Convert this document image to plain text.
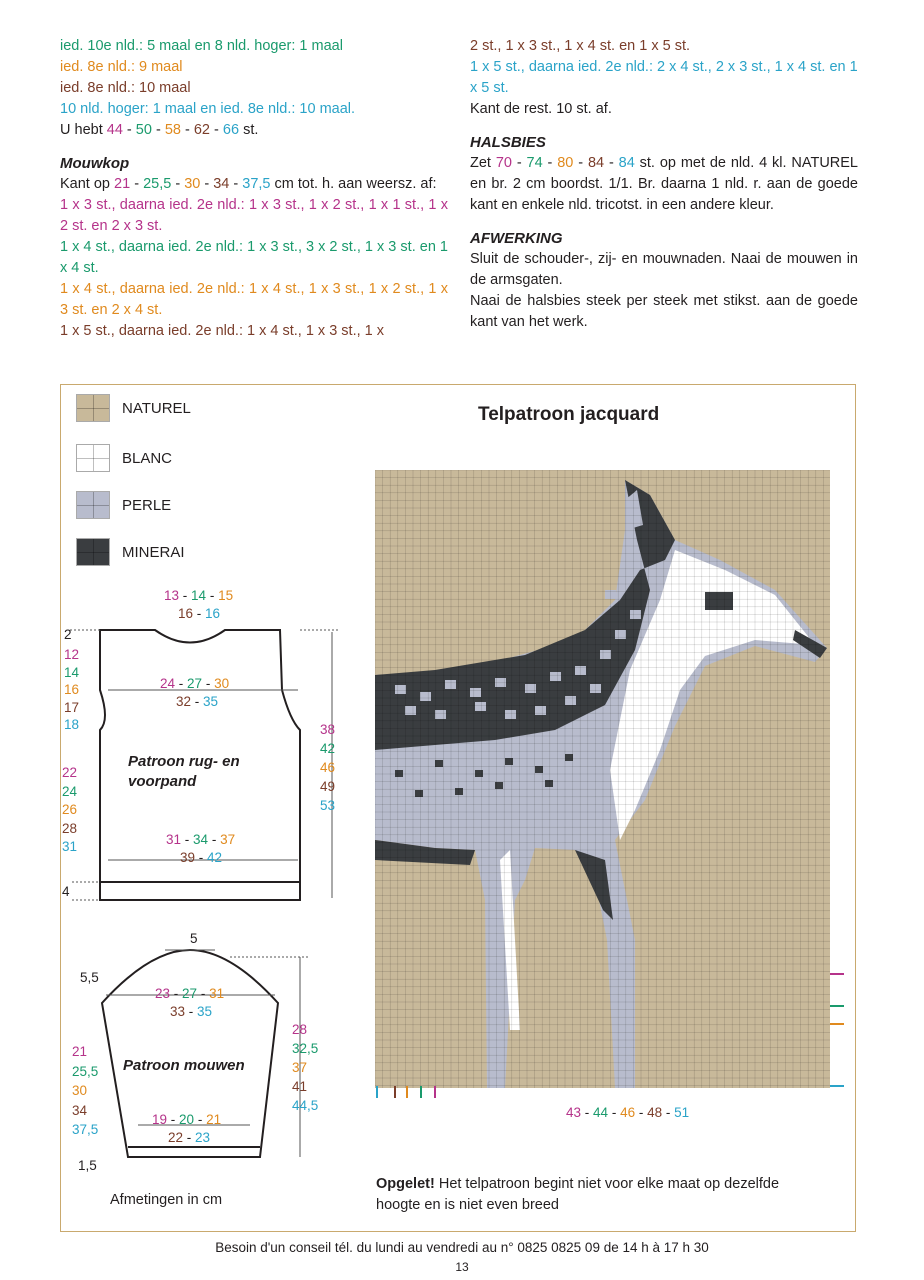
ied. 10e nld.: 5 maal en 8 nld. hoger: 1 maal

ied. 8e nld.: 9 maal

ied. 8e nld.: 10 maal

10 nld. hoger: 1 maal en ied. 8e nld.: 10 maal.

U hebt 44 - 50 - 58 - 62 - 66 st.

Mouwkop

Kant op 21 - 25,5 - 30 - 34 - 37,5 cm tot. h. aan weersz. af:

1 x 3 st., daarna ied. 2e nld.: 1 x 3 st., 1 x 2 st., 1 x 1 st., 1 x 2 st. en 2 x 3 st.

1 x 4 st., daarna ied. 2e nld.: 1 x 3 st., 3 x 2 st., 1 x 3 st. en 1 x 4 st.

1 x 4 st., daarna ied. 2e nld.: 1 x 4 st., 1 x 3 st., 1 x 2 st., 1 x 3 st. en 2 x 4 st.

1 x 5 st., daarna ied. 2e nld.: 1 x 4 st., 1 x 3 st., 1 x

2 st., 1 x 3 st., 1 x 4 st. en 1 x 5 st.

1 x 5 st., daarna ied. 2e nld.: 2 x 4 st., 2 x 3 st., 1 x 4 st. en 1 x 5 st.

Kant de rest. 10 st. af.

HALSBIES

Zet 70 - 74 - 80 - 84 - 84 st. op met de nld. 4 kl. NATUREL en br. 2 cm boordst. 1/1. Br. daarna 1 nld. r. aan de goede kant en enkele nld. tricotst. in een andere kleur.

AFWERKING

Sluit de schouder-, zij- en mouwnaden. Naai de mouwen in de armsgaten.

Naai de halsbies steek per steek met stikst. aan de goede kant van het werk.

NATUREL
BLANC
PERLE
MINERAI
Telpatroon jacquard
13 - 14 - 15
16 - 16
2
12
14
16
17
18
24 - 27 - 30
32 - 35
38
42
46
49
53
Patroon rug- en
voorpand
22
24
26
28
31	31 - 34 - 37
39 - 42
4
5
5,5
23 - 27 - 31
33 - 35
28
32,5
37
41
44,5
21
25,5
30
34
37,5
Patroon mouwen
19 - 20 - 21
22 - 23
1,5
Afmetingen in cm
43 - 44 - 46 - 48 - 51
Opgelet! Het telpatroon begint niet voor elke maat op dezelfde hoogte en is niet even breed
Besoin d'un conseil tél. du lundi au vendredi au n° 0825 0825 09 de 14 h à 17 h 30
13
